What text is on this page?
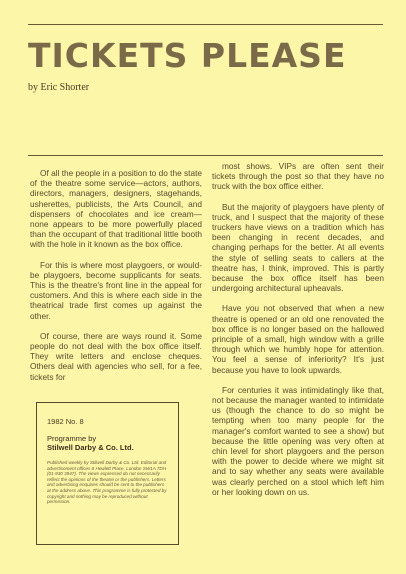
TICKETS PLEASE
by Eric Shorter

Of all the people in a position to do the state of the theatre some service—actors, authors, directors, managers, designers, stagehands, usherettes, publicists, the Arts Council, and dispensers of chocolates and ice cream—none appears to be more powerfully placed than the occupant of that traditional little booth with the hole in it known as the box office.

For this is where most playgoers, or would-be playgoers, become supplicants for seats. This is the theatre's front line in the appeal for customers. And this is where each side in the theatrical trade first comes up against the other.

Of course, there are ways round it. Some people do not deal with the box office itself. They write letters and enclose cheques. Others deal with agencies who sell, for a fee, tickets for

most shows. VIPs are often sent their tickets through the post so that they have no truck with the box office either.

But the majority of playgoers have plenty of truck, and I suspect that the majority of these truckers have views on a tradition which has been changing in recent decades, and changing perhaps for the better. At all events the style of selling seats to callers at the theatre has, I think, improved. This is partly because the box office itself has been undergoing architectural upheavals.

Have you not observed that when a new theatre is opened or an old one renovated the box office is no longer based on the hallowed principle of a small, high window with a grille through which we humbly hope for attention. You feel a sense of inferiority? It's just because you have to look upwards.

For centuries it was intimidatingly like that, not because the manager wanted to intimidate us (though the chance to do so might be tempting when too many people for the manager's comfort wanted to see a show) but because the little opening was very often at chin level for short playgoers and the person with the power to decide where we might sit and to say whether any seats were available was clearly perched on a stool which left him or her looking down on us.

1982 No. 8
Programme by
Stilwell Darby & Co. Ltd.
Published weekly by Stilwell Darby & Co. Ltd. Editorial and advertisement offices 8 Hewlett Place, London SW1A 7DH (01-930 3947). The views expressed do not necessarily reflect the opinions of the theatre or the publishers. Letters and advertising enquiries should be sent to the publishers at the address above. This programme is fully protected by copyright and nothing may be reproduced without permission.
